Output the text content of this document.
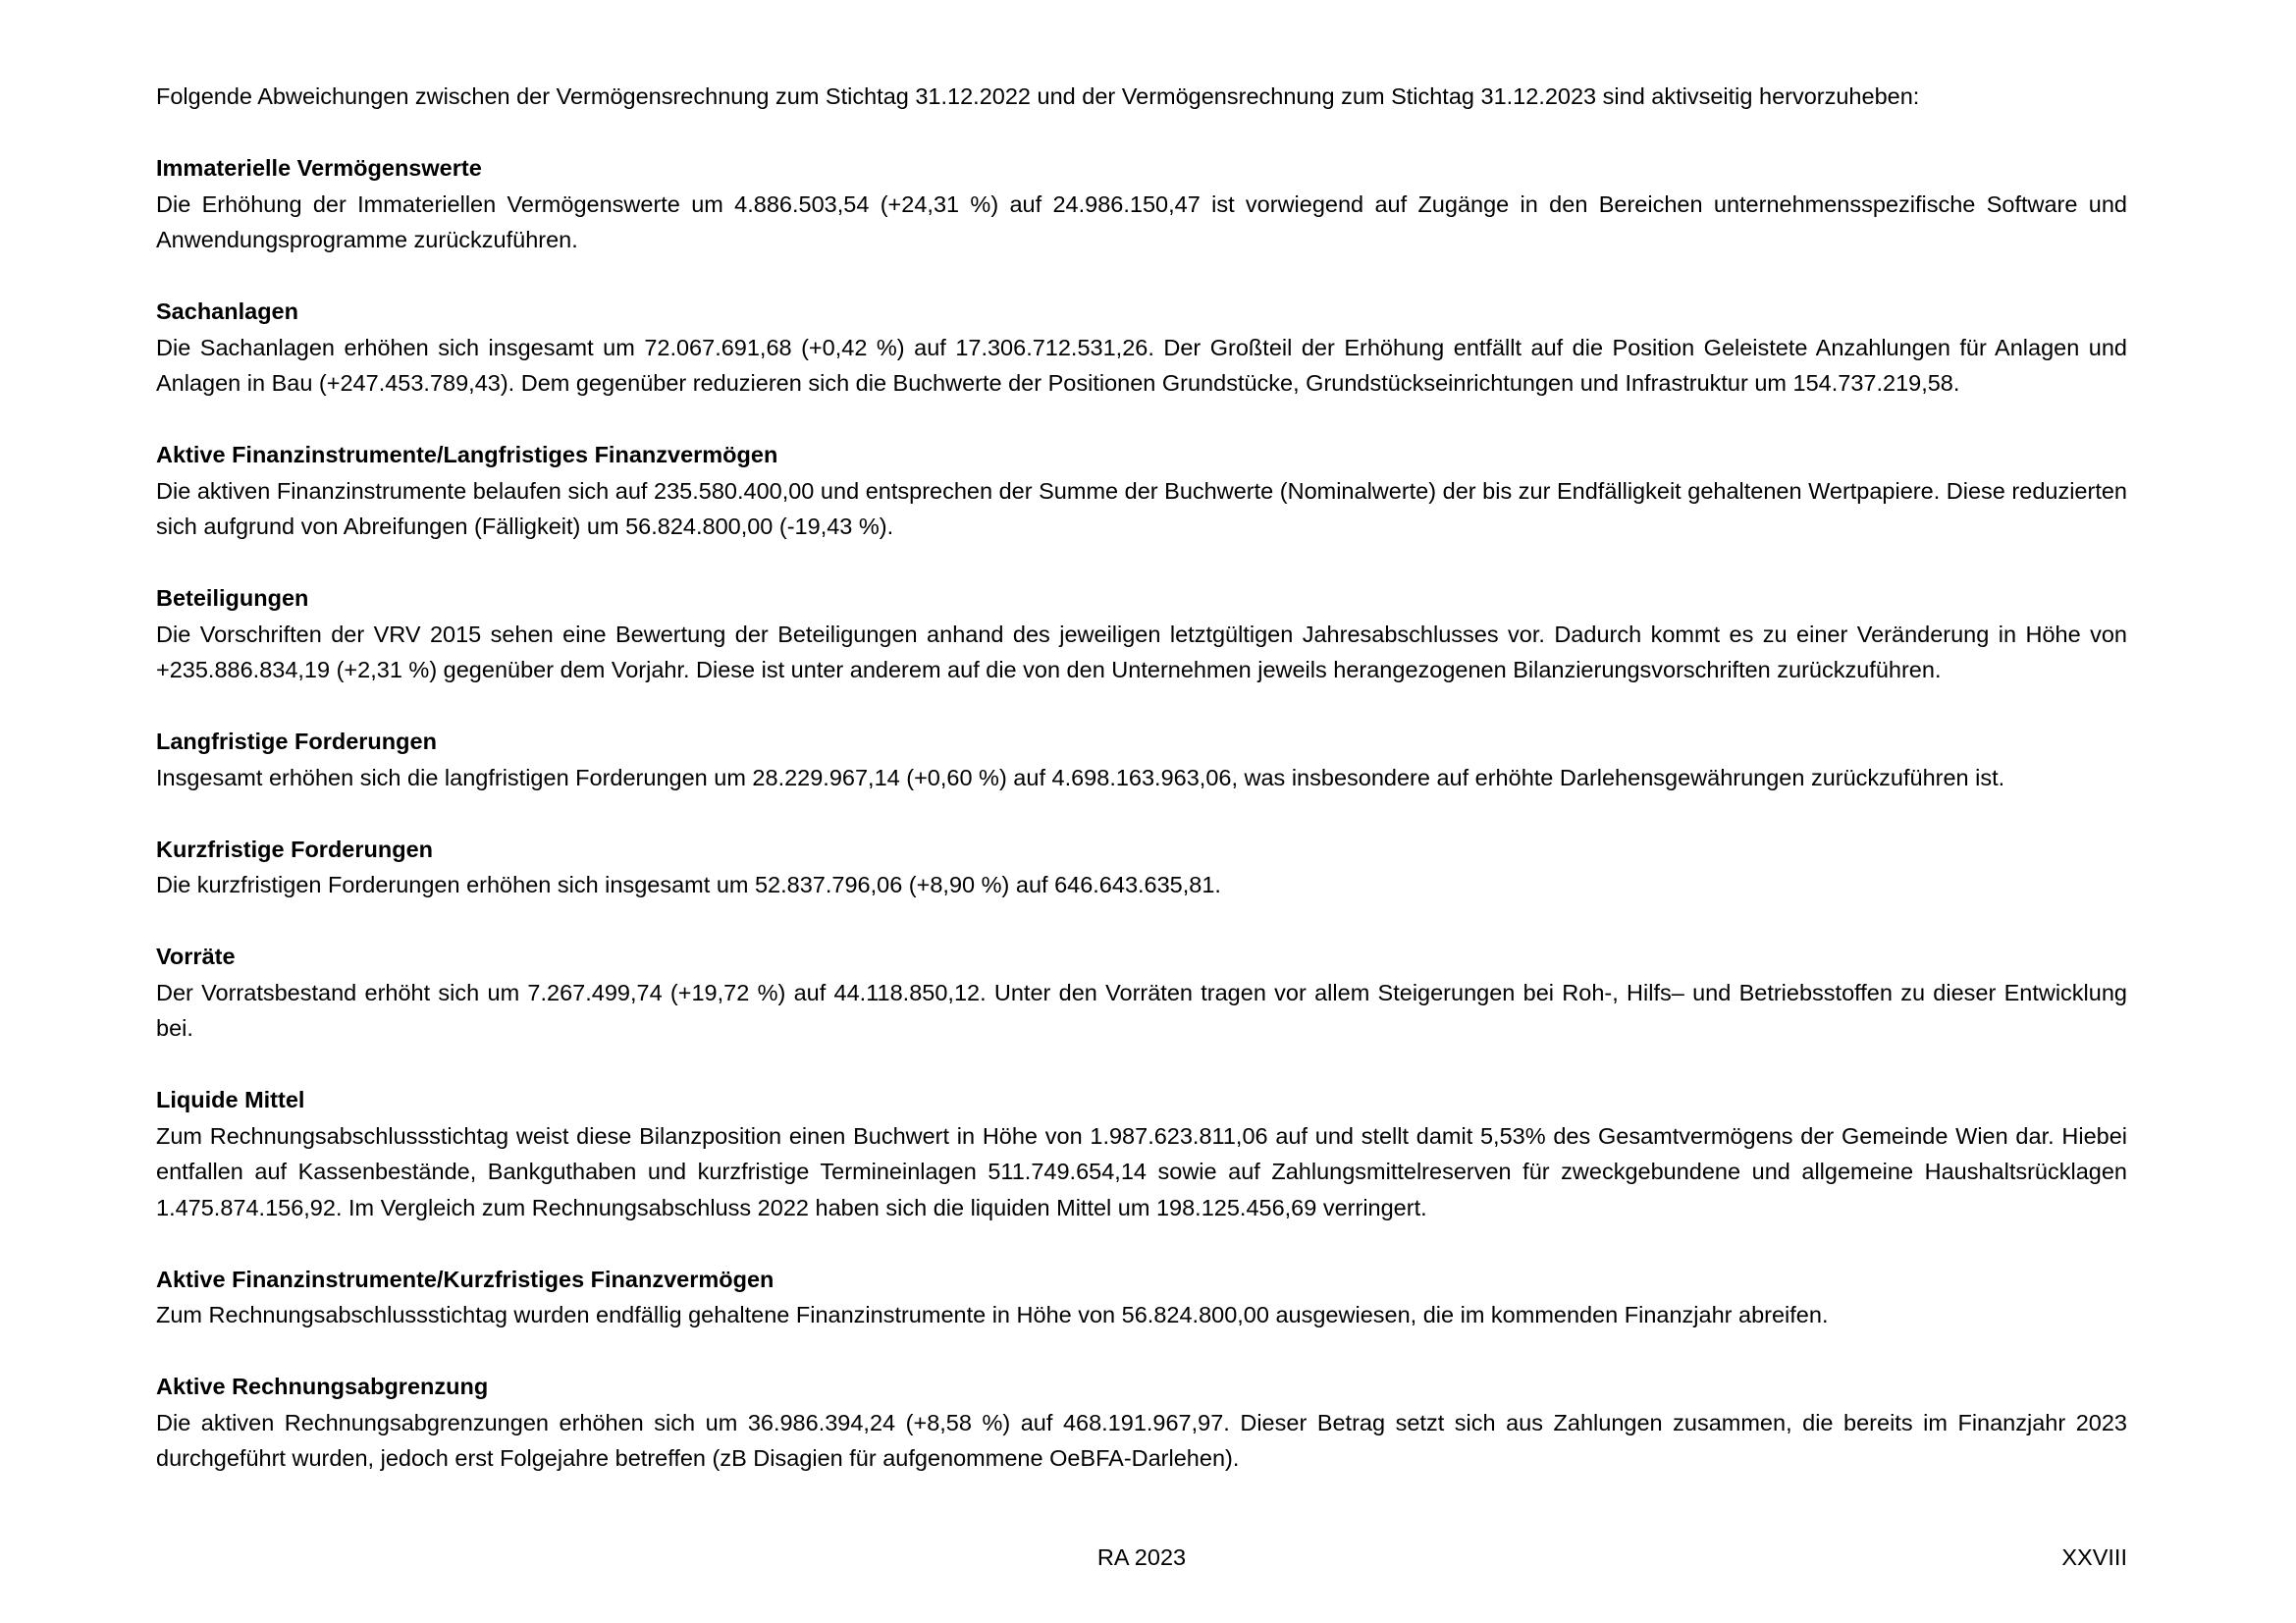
Folgende Abweichungen zwischen der Vermögensrechnung zum Stichtag 31.12.2022 und der Vermögensrechnung zum Stichtag 31.12.2023 sind aktivseitig hervorzuheben:

Immaterielle Vermögenswerte

Die Erhöhung der Immateriellen Vermögenswerte um 4.886.503,54 (+24,31 %) auf 24.986.150,47 ist vorwiegend auf Zugänge in den Bereichen unternehmensspezifische Software und Anwendungsprogramme zurückzuführen.

Sachanlagen

Die Sachanlagen erhöhen sich insgesamt um 72.067.691,68 (+0,42 %) auf 17.306.712.531,26. Der Großteil der Erhöhung entfällt auf die Position Geleistete Anzahlungen für Anlagen und Anlagen in Bau (+247.453.789,43). Dem gegenüber reduzieren sich die Buchwerte der Positionen Grundstücke, Grundstückseinrichtungen und Infrastruktur um 154.737.219,58.

Aktive Finanzinstrumente/Langfristiges Finanzvermögen

Die aktiven Finanzinstrumente belaufen sich auf 235.580.400,00 und entsprechen der Summe der Buchwerte (Nominalwerte) der bis zur Endfälligkeit gehaltenen Wertpapiere. Diese reduzierten sich aufgrund von Abreifungen (Fälligkeit) um 56.824.800,00 (-19,43 %).

Beteiligungen

Die Vorschriften der VRV 2015 sehen eine Bewertung der Beteiligungen anhand des jeweiligen letztgültigen Jahresabschlusses vor. Dadurch kommt es zu einer Veränderung in Höhe von +235.886.834,19 (+2,31 %) gegenüber dem Vorjahr. Diese ist unter anderem auf die von den Unternehmen jeweils herangezogenen Bilanzierungsvorschriften zurückzuführen.

Langfristige Forderungen

Insgesamt erhöhen sich die langfristigen Forderungen um 28.229.967,14 (+0,60 %) auf 4.698.163.963,06, was insbesondere auf erhöhte Darlehensgewährungen zurückzuführen ist.

Kurzfristige Forderungen

Die kurzfristigen Forderungen erhöhen sich insgesamt um 52.837.796,06 (+8,90 %) auf 646.643.635,81.

Vorräte

Der Vorratsbestand erhöht sich um 7.267.499,74 (+19,72 %) auf 44.118.850,12. Unter den Vorräten tragen vor allem Steigerungen bei Roh-, Hilfs– und Betriebsstoffen zu dieser Entwicklung bei.

Liquide Mittel

Zum Rechnungsabschlussstichtag weist diese Bilanzposition einen Buchwert in Höhe von 1.987.623.811,06 auf und stellt damit 5,53% des Gesamtvermögens der Gemeinde Wien dar. Hiebei entfallen auf Kassenbestände, Bankguthaben und kurzfristige Termineinlagen 511.749.654,14 sowie auf Zahlungsmittelreserven für zweckgebundene und allgemeine Haushaltsrücklagen 1.475.874.156,92. Im Vergleich zum Rechnungsabschluss 2022 haben sich die liquiden Mittel um 198.125.456,69 verringert.

Aktive Finanzinstrumente/Kurzfristiges Finanzvermögen

Zum Rechnungsabschlussstichtag wurden endfällig gehaltene Finanzinstrumente in Höhe von 56.824.800,00 ausgewiesen, die im kommenden Finanzjahr abreifen.

Aktive Rechnungsabgrenzung

Die aktiven Rechnungsabgrenzungen erhöhen sich um 36.986.394,24 (+8,58 %) auf 468.191.967,97. Dieser Betrag setzt sich aus Zahlungen zusammen, die bereits im Finanzjahr 2023 durchgeführt wurden, jedoch erst Folgejahre betreffen (zB Disagien für aufgenommene OeBFA-Darlehen).

RA 2023	XXVIII
